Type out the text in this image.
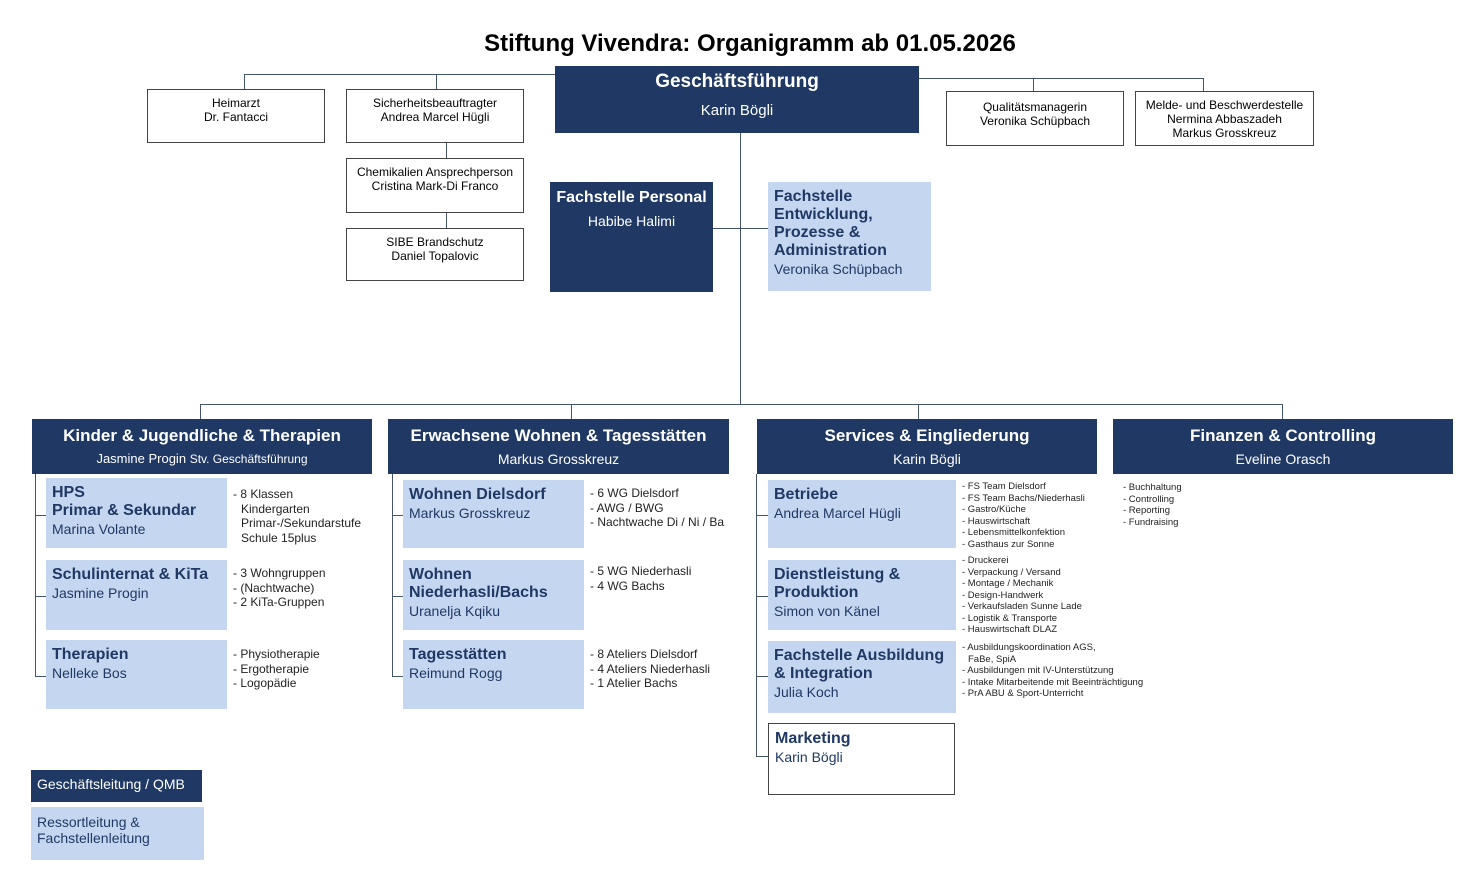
Stiftung Vivendra: Organigramm ab 01.05.2026
Geschäftsführung
Karin Bögli
Heimarzt
Dr. Fantacci
Sicherheitsbeauftragter
Andrea Marcel Hügli
Chemikalien Ansprechperson
Cristina Mark-Di Franco
SIBE Brandschutz
Daniel Topalovic
Qualitätsmanagerin
Veronika Schüpbach
Melde- und Beschwerdestelle
Nermina Abbaszadeh
Markus Grosskreuz
Fachstelle Personal
Habibe Halimi
Fachstelle
Entwicklung,
Prozesse &
Administration
Veronika Schüpbach
Kinder & Jugendliche & Therapien
Jasmine Progin Stv. Geschäftsführung
Erwachsene Wohnen & Tagesstätten
Markus Grosskreuz
Services & Eingliederung
Karin Bögli
Finanzen & Controlling
Eveline Orasch
HPS
Primar & Sekundar
Marina Volante
- 8 Klassen
Kindergarten
Primar-/Sekundarstufe
Schule 15plus
Schulinternat & KiTa
Jasmine Progin
- 3 Wohngruppen
- (Nachtwache)
- 2 KiTa-Gruppen
Therapien
Nelleke Bos
- Physiotherapie
- Ergotherapie
- Logopädie
Wohnen Dielsdorf
Markus Grosskreuz
- 6 WG Dielsdorf
- AWG / BWG
- Nachtwache Di / Ni / Ba
Wohnen
Niederhasli/Bachs
Uranelja Kqiku
- 5 WG Niederhasli
- 4 WG Bachs
Tagesstätten
Reimund Rogg
- 8 Ateliers Dielsdorf
- 4 Ateliers Niederhasli
- 1 Atelier Bachs
Betriebe
Andrea Marcel Hügli
- FS Team Dielsdorf
- FS Team Bachs/Niederhasli
- Gastro/Küche
- Hauswirtschaft
- Lebensmittelkonfektion
- Gasthaus zur Sonne
Dienstleistung &
Produktion
Simon von Känel
- Druckerei
- Verpackung / Versand
- Montage / Mechanik
- Design-Handwerk
- Verkaufsladen Sunne Lade
- Logistik & Transporte
- Hauswirtschaft DLAZ
Fachstelle Ausbildung
& Integration
Julia Koch
- Ausbildungskoordination AGS,
FaBe, SpiA
- Ausbildungen mit IV-Unterstützung
- Intake Mitarbeitende mit Beeinträchtigung
- PrA ABU & Sport-Unterricht
Marketing
Karin Bögli
- Buchhaltung
- Controlling
- Reporting
- Fundraising
Geschäftsleitung / QMB
Ressortleitung &
Fachstellenleitung
